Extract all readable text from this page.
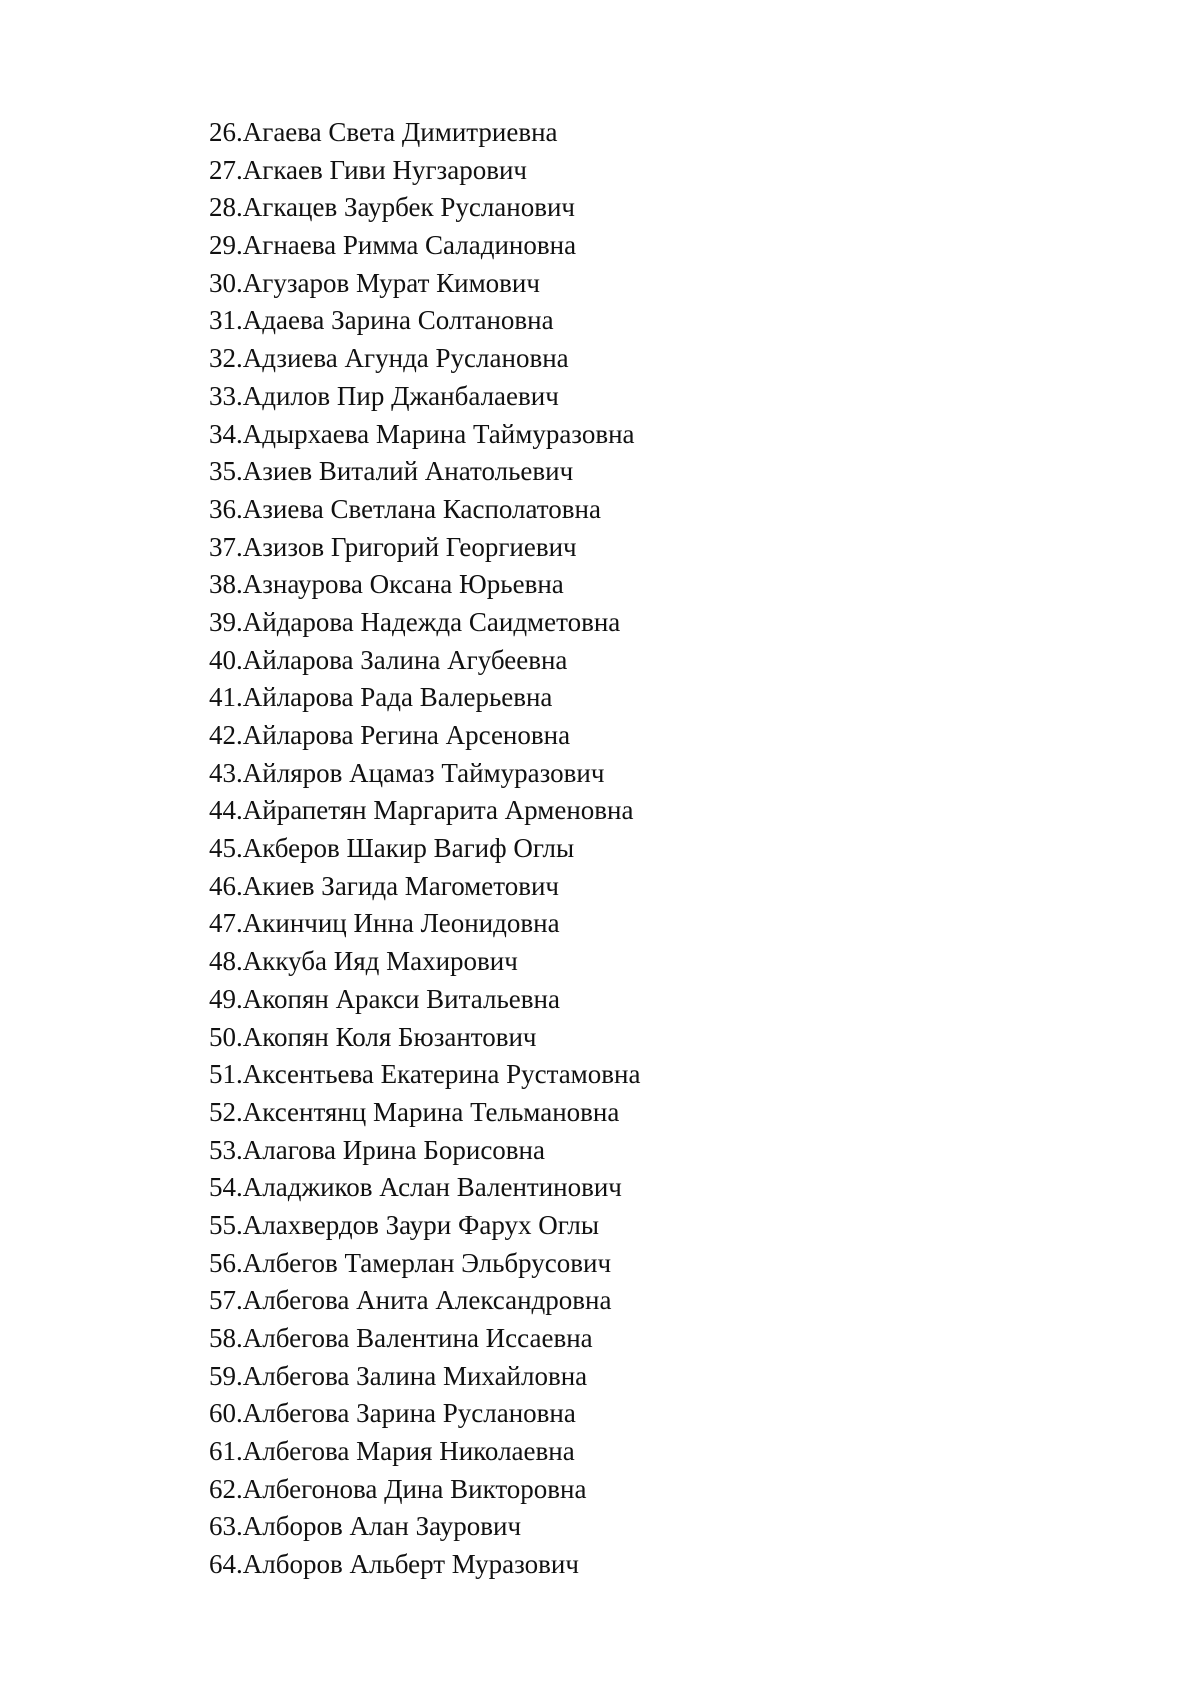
26. Агаева Света Димитриевна
27. Агкаев Гиви Нугзарович
28. Агкацев Заурбек Русланович
29. Агнаева Римма Саладиновна
30. Агузаров Мурат Кимович
31. Адаева Зарина Солтановна
32. Адзиева Агунда Руслановна
33. Адилов Пир Джанбалаевич
34. Адырхаева Марина Таймуразовна
35. Азиев Виталий Анатольевич
36. Азиева Светлана Касполатовна
37. Азизов Григорий Георгиевич
38. Азнаурова Оксана Юрьевна
39. Айдарова Надежда Саидметовна
40. Айларова Залина Агубеевна
41. Айларова Рада Валерьевна
42. Айларова Регина Арсеновна
43. Айляров Ацамаз Таймуразович
44. Айрапетян Маргарита Арменовна
45. Акберов Шакир Вагиф Оглы
46. Акиев Загида Магометович
47. Акинчиц Инна Леонидовна
48. Аккуба Ияд Махирович
49. Акопян Аракси Витальевна
50. Акопян Коля Бюзантович
51. Аксентьева Екатерина Рустамовна
52. Аксентянц Марина Тельмановна
53. Алагова Ирина Борисовна
54. Аладжиков Аслан Валентинович
55. Алахвердов Заури Фарух Оглы
56. Албегов Тамерлан Эльбрусович
57. Албегова Анита Александровна
58. Албегова Валентина Иссаевна
59. Албегова Залина Михайловна
60. Албегова Зарина Руслановна
61. Албегова Мария Николаевна
62. Албегонова Дина Викторовна
63. Алборов Алан Заурович
64. Алборов Альберт Муразович
